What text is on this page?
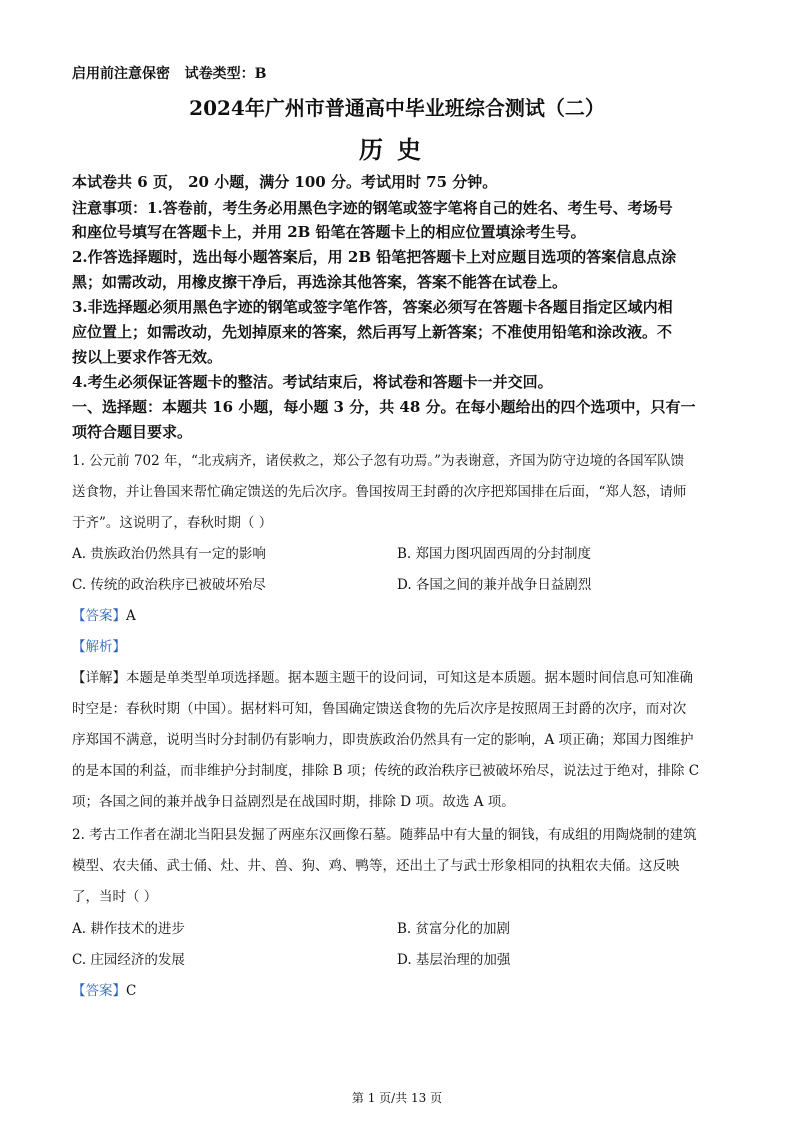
启用前注意保密 试卷类型：B
2024年广州市普通高中毕业班综合测试（二）
历史
本试卷共 6 页， 20 小题，满分 100 分。考试用时 75 分钟。
注意事项：1.答卷前，考生务必用黑色字迹的钢笔或签字笔将自己的姓名、考生号、考场号
和座位号填写在答题卡上，并用 2B 铅笔在答题卡上的相应位置填涂考生号。
2.作答选择题时，选出每小题答案后，用 2B 铅笔把答题卡上对应题目选项的答案信息点涂
黑；如需改动，用橡皮擦干净后，再选涂其他答案，答案不能答在试卷上。
3.非选择题必须用黑色字迹的钢笔或签字笔作答，答案必须写在答题卡各题目指定区域内相
应位置上；如需改动，先划掉原来的答案，然后再写上新答案；不准使用铅笔和涂改液。不
按以上要求作答无效。
4.考生必须保证答题卡的整洁。考试结束后，将试卷和答题卡一并交回。
一、选择题：本题共 16 小题，每小题 3 分，共 48 分。在每小题给出的四个选项中，只有一
项符合题目要求。
1. 公元前 702 年，“北戎病齐，诸侯救之，郑公子忽有功焉。”为表谢意，齐国为防守边境的各国军队馈
送食物，并让鲁国来帮忙确定馈送的先后次序。鲁国按周王封爵的次序把郑国排在后面，“郑人怒，请师
于齐”。这说明了，春秋时期（ ）
A. 贵族政治仍然具有一定的影响	B. 郑国力图巩固西周的分封制度
C. 传统的政治秩序已被破坏殆尽	D. 各国之间的兼并战争日益剧烈
【答案】A
【解析】
【详解】本题是单类型单项选择题。据本题主题干的设问词，可知这是本质题。据本题时间信息可知准确
时空是：春秋时期（中国）。据材料可知，鲁国确定馈送食物的先后次序是按照周王封爵的次序，而对次
序郑国不满意，说明当时分封制仍有影响力，即贵族政治仍然具有一定的影响，A 项正确；郑国力图维护
的是本国的利益，而非维护分封制度，排除 B 项；传统的政治秩序已被破坏殆尽，说法过于绝对，排除 C
项；各国之间的兼并战争日益剧烈是在战国时期，排除 D 项。故选 A 项。
2. 考古工作者在湖北当阳县发掘了两座东汉画像石墓。随葬品中有大量的铜钱，有成组的用陶烧制的建筑
模型、农夫俑、武士俑、灶、井、兽、狗、鸡、鸭等，还出土了与武士形象相同的执粗农夫俑。这反映
了，当时（ ）
A. 耕作技术的进步	B. 贫富分化的加剧
C. 庄园经济的发展	D. 基层治理的加强
【答案】C
第 1 页/共 13 页
